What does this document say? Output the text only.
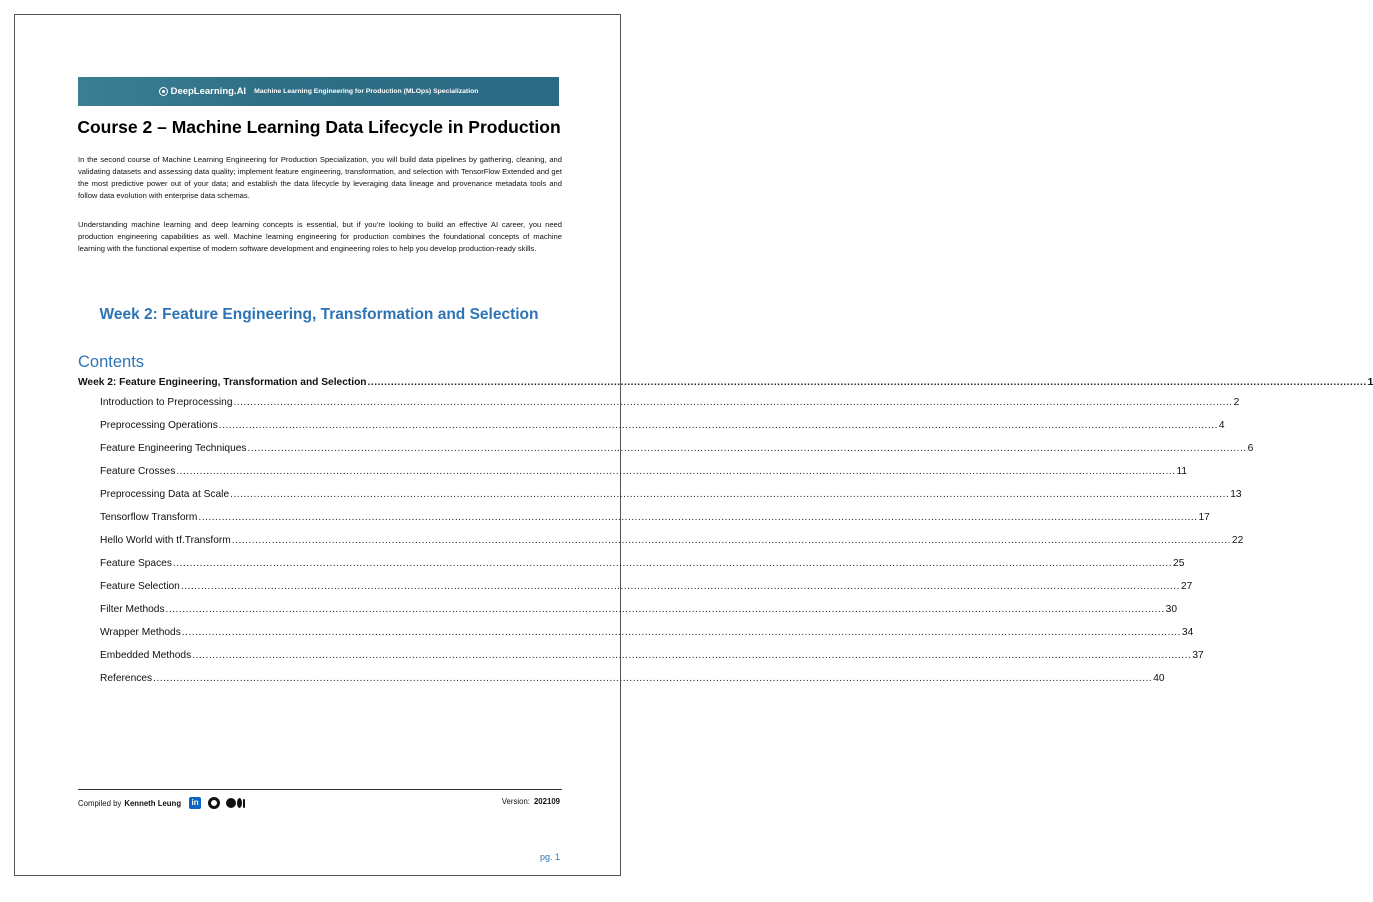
DeepLearning.AI Machine Learning Engineering for Production (MLOps) Specialization
Course 2 – Machine Learning Data Lifecycle in Production
In the second course of Machine Learning Engineering for Production Specialization, you will build data pipelines by gathering, cleaning, and validating datasets and assessing data quality; implement feature engineering, transformation, and selection with TensorFlow Extended and get the most predictive power out of your data; and establish the data lifecycle by leveraging data lineage and provenance metadata tools and follow data evolution with enterprise data schemas.
Understanding machine learning and deep learning concepts is essential, but if you’re looking to build an effective AI career, you need production engineering capabilities as well. Machine learning engineering for production combines the foundational concepts of machine learning with the functional expertise of modern software development and engineering roles to help you develop production-ready skills.
Week 2: Feature Engineering, Transformation and Selection
Contents
Week 2: Feature Engineering, Transformation and Selection ............................................................................................................................................................................................................................................................................................................ 1
Introduction to Preprocessing ............................................................................................................................................................................................................................................................................................................ 2
Preprocessing Operations ............................................................................................................................................................................................................................................................................................................ 4
Feature Engineering Techniques ............................................................................................................................................................................................................................................................................................................ 6
Feature Crosses ............................................................................................................................................................................................................................................................................................................ 11
Preprocessing Data at Scale ............................................................................................................................................................................................................................................................................................................ 13
Tensorflow Transform ............................................................................................................................................................................................................................................................................................................ 17
Hello World with tf.Transform ............................................................................................................................................................................................................................................................................................................ 22
Feature Spaces ............................................................................................................................................................................................................................................................................................................ 25
Feature Selection ............................................................................................................................................................................................................................................................................................................ 27
Filter Methods ............................................................................................................................................................................................................................................................................................................ 30
Wrapper Methods ............................................................................................................................................................................................................................................................................................................ 34
Embedded Methods ............................................................................................................................................................................................................................................................................................................ 37
References ............................................................................................................................................................................................................................................................................................................ 40
Compiled by Kenneth Leung	in	Version: 202109
pg. 1
